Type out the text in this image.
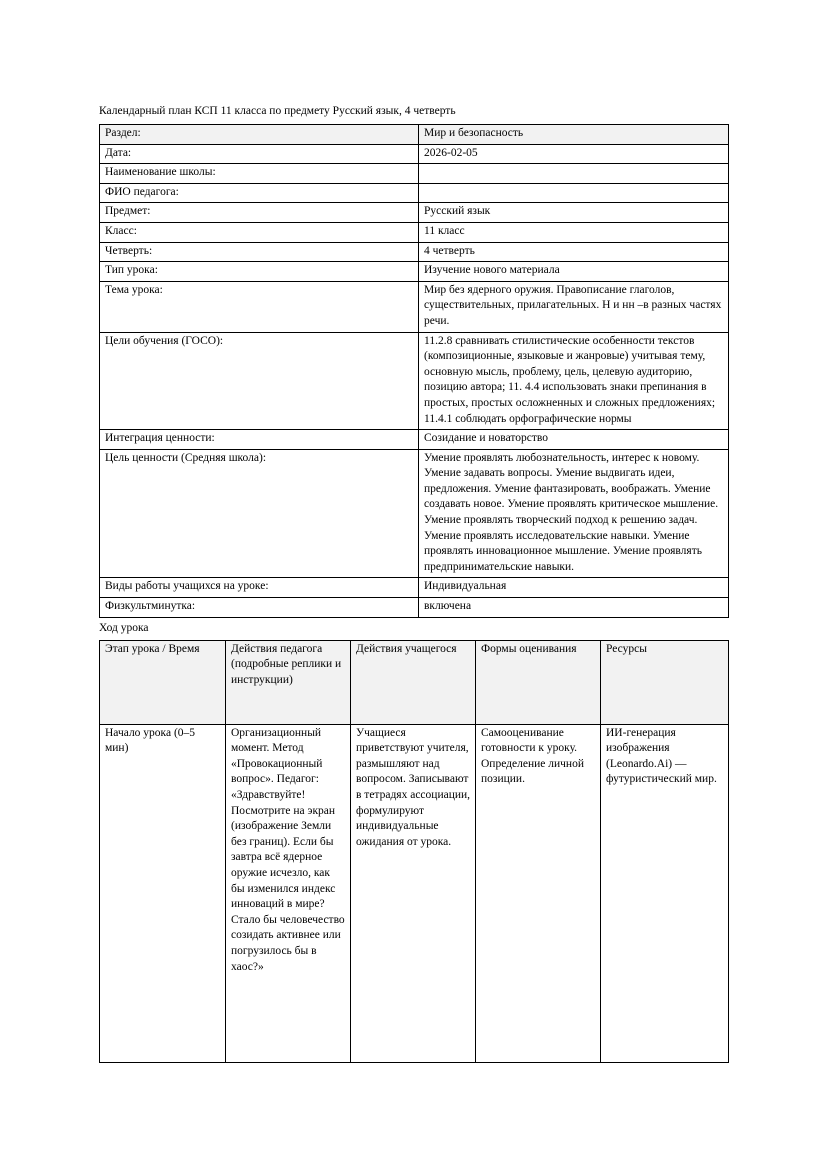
Календарный план КСП 11 класса по предмету Русский язык, 4 четверть

Раздел:	Мир и безопасность
Дата:	2026-02-05
Наименование школы:	
ФИО педагога:	
Предмет:	Русский язык
Класс:	11 класс
Четверть:	4 четверть
Тип урока:	Изучение нового материала
Тема урока:	Мир без ядерного оружия. Правописание глаголов, существительных, прилагательных. Н и нн –в разных частях речи.
Цели обучения (ГОСО):	11.2.8 сравнивать стилистические особенности текстов (композиционные, языковые и жанровые) учитывая тему, основную мысль, проблему, цель, целевую аудиторию, позицию автора; 11. 4.4 использовать знаки препинания в простых, простых осложненных и сложных предложениях; 11.4.1 соблюдать орфографические нормы
Интеграция ценности:	Созидание и новаторство
Цель ценности (Средняя школа):	Умение проявлять любознательность, интерес к новому. Умение задавать вопросы. Умение выдвигать идеи, предложения. Умение фантазировать, воображать. Умение создавать новое. Умение проявлять критическое мышление. Умение проявлять творческий подход к решению задач. Умение проявлять исследовательские навыки. Умение проявлять инновационное мышление. Умение проявлять предпринимательские навыки.
Виды работы учащихся на уроке:	Индивидуальная
Физкультминутка:	включена

Ход урока

Этап урока / Время	Действия педагога (подробные реплики и инструкции)	Действия учащегося	Формы оценивания	Ресурсы
Начало урока (0–5 мин)	Организационный момент. Метод «Провокационный вопрос». Педагог: «Здравствуйте! Посмотрите на экран (изображение Земли без границ). Если бы завтра всё ядерное оружие исчезло, как бы изменился индекс инноваций в мире? Стало бы человечество созидать активнее или погрузилось бы в хаос?»	Учащиеся приветствуют учителя, размышляют над вопросом. Записывают в тетрадях ассоциации, формулируют индивидуальные ожидания от урока.	Самооценивание готовности к уроку. Определение личной позиции.	ИИ-генерация изображения (Leonardo.Ai) — футуристический мир.
